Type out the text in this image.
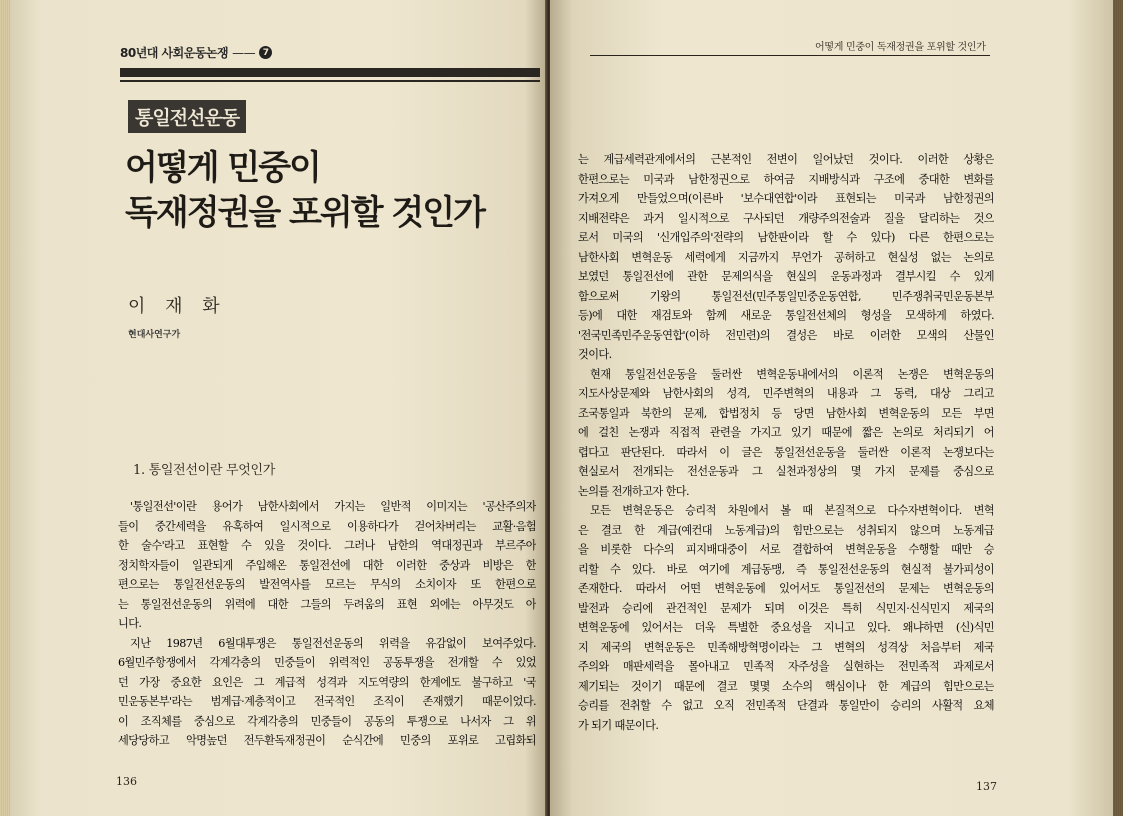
80년대 사회운동논쟁 —— 7
통일전선운동
어떻게 민중이
독재정권을 포위할 것인가
이 재 화
현대사연구가
1. 통일전선이란 무엇인가

'통일전선'이란 용어가 남한사회에서 가지는 일반적 이미지는 '공산주의자
들이 중간세력을 유혹하여 일시적으로 이용하다가 걷어차버리는 교활·음험
한 술수'라고 표현할 수 있을 것이다. 그러나 남한의 역대정권과 부르주아
정치학자들이 일관되게 주입해온 통일전선에 대한 이러한 중상과 비방은 한
편으로는 통일전선운동의 발전역사를 모르는 무식의 소치이자 또 한편으로
는 통일전선운동의 위력에 대한 그들의 두려움의 표현 외에는 아무것도 아
니다.

지난 1987년 6월대투쟁은 통일전선운동의 위력을 유감없이 보여주었다.
6월민주항쟁에서 각계각층의 민중들이 위력적인 공동투쟁을 전개할 수 있었
던 가장 중요한 요인은 그 계급적 성격과 지도역량의 한계에도 불구하고 '국
민운동본부'라는 범계급·계층적이고 전국적인 조직이 존재했기 때문이었다.
이 조직체를 중심으로 각계각층의 민중들이 공동의 투쟁으로 나서자 그 위
세당당하고 악명높던 전두환독재정권이 순식간에 민중의 포위로 고립화되

136
어떻게 민중이 독재정권을 포위할 것인가

는 계급세력관계에서의 근본적인 전변이 일어났던 것이다. 이러한 상황은
한편으로는 미국과 남한정권으로 하여금 지배방식과 구조에 중대한 변화를
가져오게 만들었으며(이른바 '보수대연합'이라 표현되는 미국과 남한정권의
지배전략은 과거 일시적으로 구사되던 개량주의전술과 질을 달리하는 것으
로서 미국의 '신개입주의'전략의 남한판이라 할 수 있다) 다른 한편으로는
남한사회 변혁운동 세력에게 지금까지 무언가 공허하고 현실성 없는 논의로
보였던 통일전선에 관한 문제의식을 현실의 운동과정과 결부시킬 수 있게
함으로써 기왕의 통일전선(민주통일민중운동연합, 민주쟁취국민운동본부
등)에 대한 재검토와 함께 새로운 통일전선체의 형성을 모색하게 하였다.
'전국민족민주운동연합'(이하 전민련)의 결성은 바로 이러한 모색의 산물인
것이다.

현재 통일전선운동을 둘러싼 변혁운동내에서의 이론적 논쟁은 변혁운동의
지도사상문제와 남한사회의 성격, 민주변혁의 내용과 그 동력, 대상 그리고
조국통일과 북한의 문제, 합법정치 등 당면 남한사회 변혁운동의 모든 부면
에 걸친 논쟁과 직접적 관련을 가지고 있기 때문에 짧은 논의로 처리되기 어
렵다고 판단된다. 따라서 이 글은 통일전선운동을 둘러싼 이론적 논쟁보다는
현실로서 전개되는 전선운동과 그 실천과정상의 몇 가지 문제를 중심으로
논의를 전개하고자 한다.

모든 변혁운동은 승리적 차원에서 볼 때 본질적으로 다수자변혁이다. 변혁
은 결코 한 계급(예컨대 노동계급)의 힘만으로는 성취되지 않으며 노동계급
을 비롯한 다수의 피지배대중이 서로 결합하여 변혁운동을 수행할 때만 승
리할 수 있다. 바로 여기에 계급동맹, 즉 통일전선운동의 현실적 불가피성이
존재한다. 따라서 어떤 변혁운동에 있어서도 통일전선의 문제는 변혁운동의
발전과 승리에 관건적인 문제가 되며 이것은 특히 식민지·신식민지 제국의
변혁운동에 있어서는 더욱 특별한 중요성을 지니고 있다. 왜냐하면 (신)식민
지 제국의 변혁운동은 민족해방혁명이라는 그 변혁의 성격상 처음부터 제국
주의와 매판세력을 몰아내고 민족적 자주성을 실현하는 전민족적 과제로서
제기되는 것이기 때문에 결코 몇몇 소수의 핵심이나 한 계급의 힘만으로는
승리를 전취할 수 없고 오직 전민족적 단결과 통일만이 승리의 사활적 요체
가 되기 때문이다.

137
